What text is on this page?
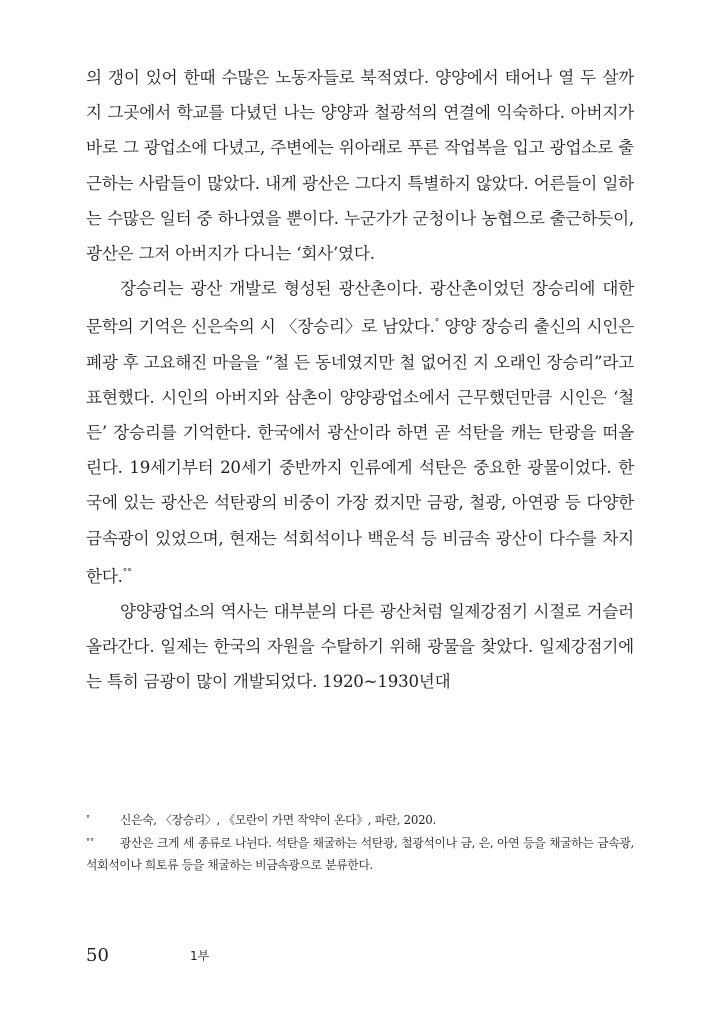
의 갱이 있어 한때 수많은 노동자들로 북적였다. 양양에서 태어나 열 두 살까지 그곳에서 학교를 다녔던 나는 양양과 철광석의 연결에 익숙하다. 아버지가 바로 그 광업소에 다녔고, 주변에는 위아래로 푸른 작업복을 입고 광업소로 출근하는 사람들이 많았다. 내게 광산은 그다지 특별하지 않았다. 어른들이 일하는 수많은 일터 중 하나였을 뿐이다. 누군가가 군청이나 농협으로 출근하듯이, 광산은 그저 아버지가 다니는 ‘회사’였다.

장승리는 광산 개발로 형성된 광산촌이다. 광산촌이었던 장승리에 대한 문학의 기억은 신은숙의 시 〈장승리〉로 남았다.° 양양 장승리 출신의 시인은 폐광 후 고요해진 마을을 “철 든 동네였지만 철 없어진 지 오래인 장승리”라고 표현했다. 시인의 아버지와 삼촌이 양양광업소에서 근무했던만큼 시인은 ‘철 든’ 장승리를 기억한다. 한국에서 광산이라 하면 곧 석탄을 캐는 탄광을 떠올린다. 19세기부터 20세기 중반까지 인류에게 석탄은 중요한 광물이었다. 한국에 있는 광산은 석탄광의 비중이 가장 컸지만 금광, 철광, 아연광 등 다양한 금속광이 있었으며, 현재는 석회석이나 백운석 등 비금속 광산이 다수를 차지한다.°°

양양광업소의 역사는 대부분의 다른 광산처럼 일제강점기 시절로 거슬러 올라간다. 일제는 한국의 자원을 수탈하기 위해 광물을 찾았다. 일제강점기에는 특히 금광이 많이 개발되었다. 1920~1930년대

°	신은숙, 〈장승리〉, 《모란이 가면 작약이 온다》, 파란, 2020.

°° 광산은 크게 세 종류로 나뉜다. 석탄을 채굴하는 석탄광, 철광석이나 금, 은, 아연 등을 채굴하는 금속광, 석회석이나 희토류 등을 채굴하는 비금속광으로 분류한다.

50	1부
